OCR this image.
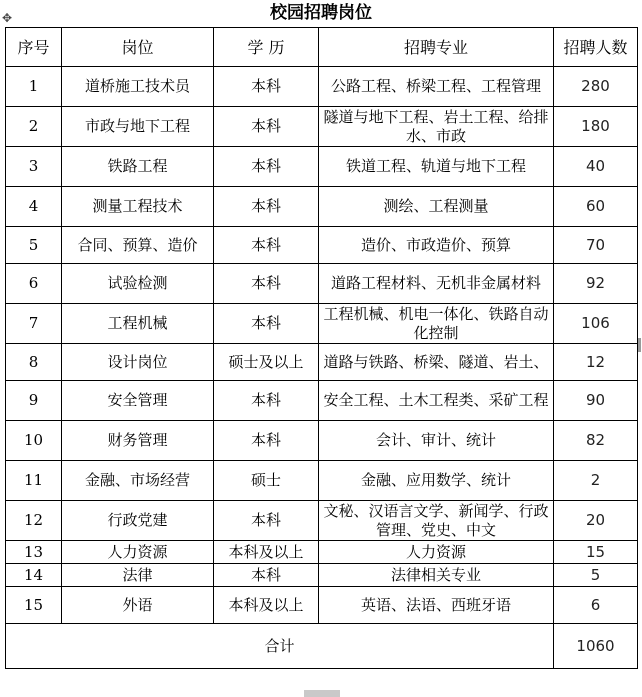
校园招聘岗位
✥
序号	岗位	学 历	招聘专业	招聘人数
1	道桥施工技术员	本科	公路工程、桥梁工程、工程管理	280
2	市政与地下工程	本科	隧道与地下工程、岩土工程、给排水、市政	180
3	铁路工程	本科	铁道工程、轨道与地下工程	40
4	测量工程技术	本科	测绘、工程测量	60
5	合同、预算、造价	本科	造价、市政造价、预算	70
6	试验检测	本科	道路工程材料、无机非金属材料	92
7	工程机械	本科	工程机械、机电一体化、铁路自动化控制	106
8	设计岗位	硕士及以上	道路与铁路、桥梁、隧道、岩土、	12
9	安全管理	本科	安全工程、土木工程类、采矿工程	90
10	财务管理	本科	会计、审计、统计	82
11	金融、市场经营	硕士	金融、应用数学、统计	2
12	行政党建	本科	文秘、汉语言文学、新闻学、行政管理、党史、中文	20
13	人力资源	本科及以上	人力资源	15
14	法律	本科	法律相关专业	5
15	外语	本科及以上	英语、法语、西班牙语	6
合计				1060
